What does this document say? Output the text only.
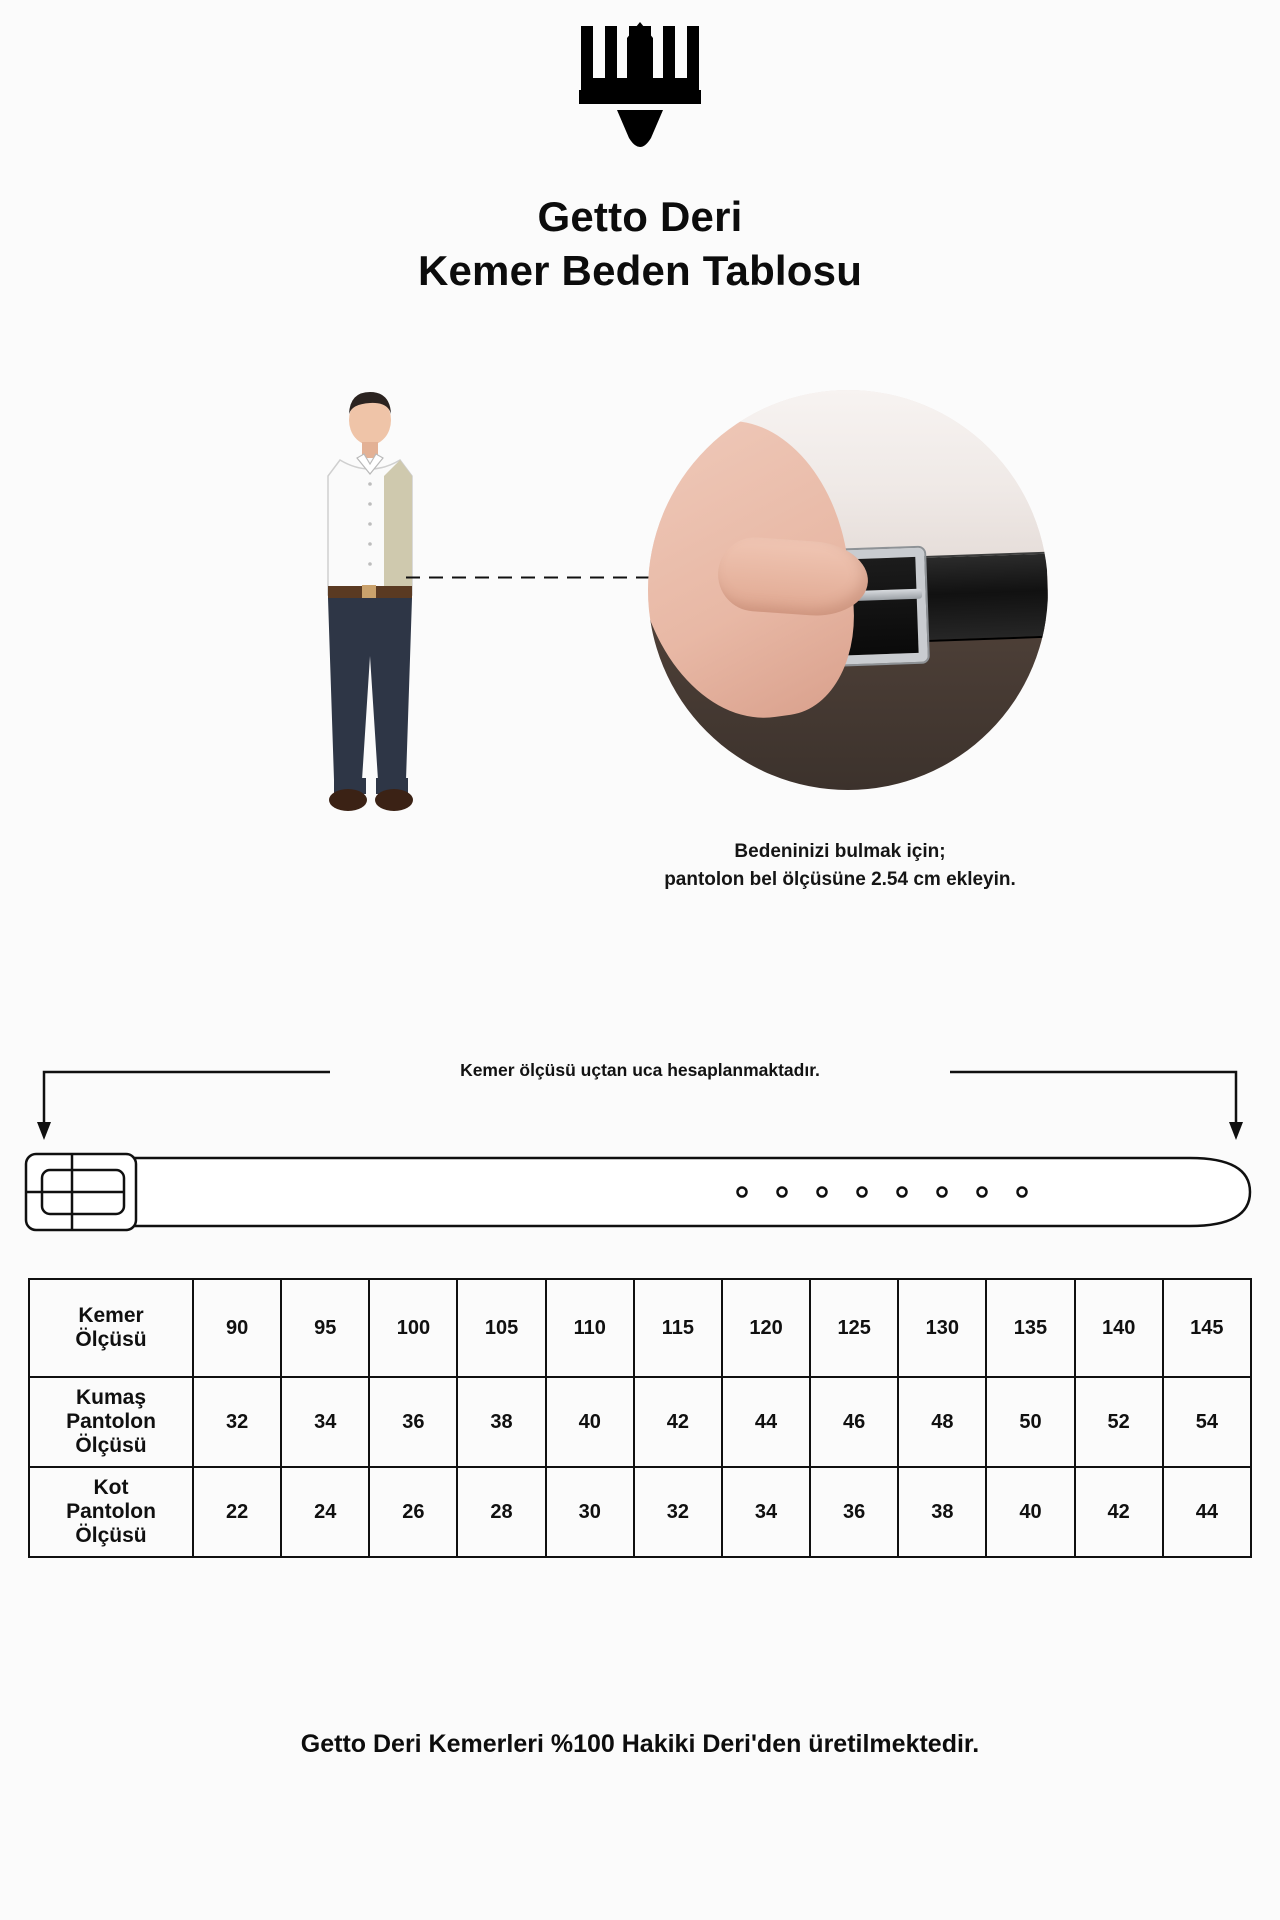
Getto Deri
Kemer Beden Tablosu
Bedeninizi bulmak için;
pantolon bel ölçüsüne 2.54 cm ekleyin.
Kemer ölçüsü uçtan uca hesaplanmaktadır.
Kemer
Ölçüsü	90	95	100	105	110	115	120	125	130	135	140	145

Kumaş
Pantolon
Ölçüsü	32	34	36	38	40	42	44	46	48	50	52	54

Kot
Pantolon
Ölçüsü	22	24	26	28	30	32	34	36	38	40	42	44
Getto Deri Kemerleri %100 Hakiki Deri'den üretilmektedir.
